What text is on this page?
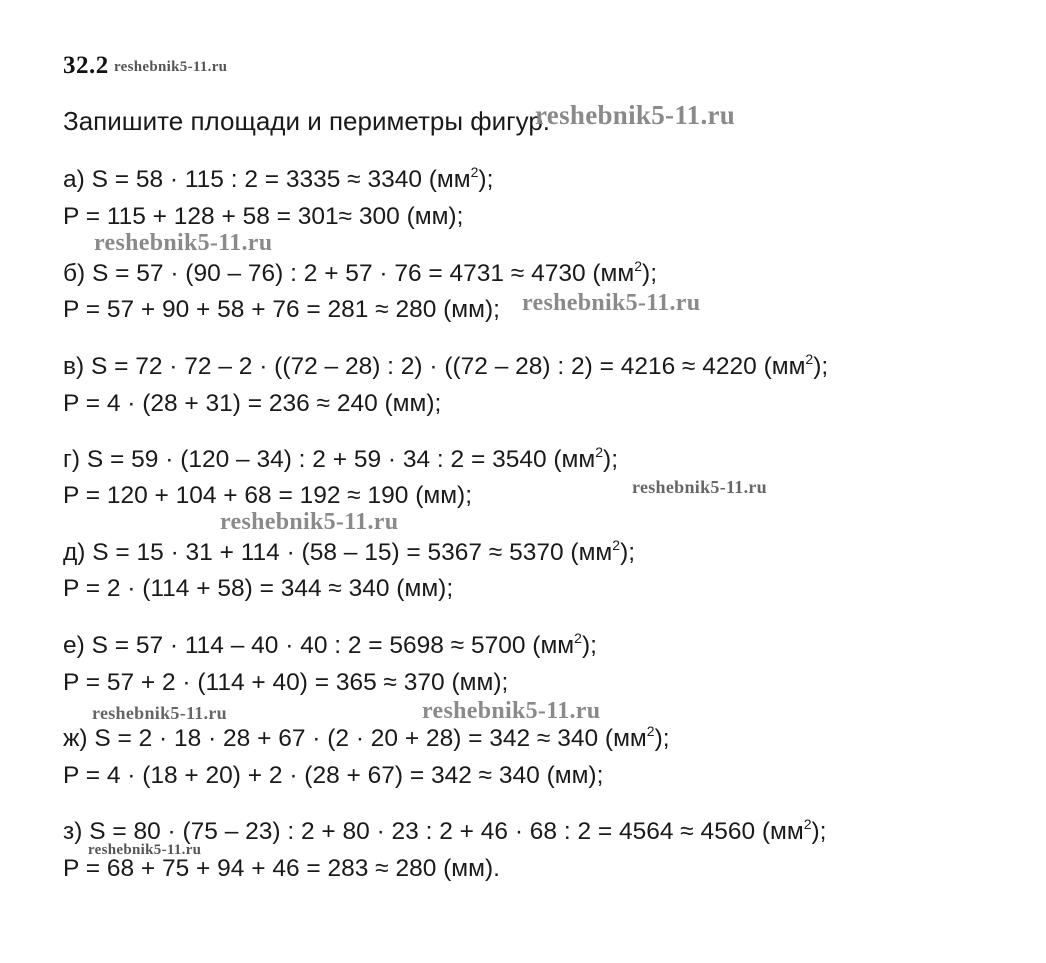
32.2 reshebnik5-11.ru
Запишите площади и периметры фигур.
reshebnik5-11.ru
а) S = 58 · 115 : 2 = 3335 ≈ 3340 $(мм^2)$;
P = 115 + 128 + 58 = 301≈ 300 (мм);
reshebnik5-11.ru
б) S = 57 · (90 – 76) : 2 + 57 · 76 = 4731 ≈ 4730 $(мм^2)$;
P = 57 + 90 + 58 + 76 = 281 ≈ 280 (мм); reshebnik5-11.ru
в) S = 72 · 72 – 2 · ((72 – 28) : 2) · ((72 – 28) : 2) = 4216 ≈ 4220 $(мм^2)$;
P = 4 · (28 + 31) = 236 ≈ 240 (мм);
г) S = 59 · (120 – 34) : 2 + 59 · 34 : 2 = 3540 $(мм^2)$;
P = 120 + 104 + 68 = 192 ≈ 190 (мм);	reshebnik5-11.ru
reshebnik5-11.ru
д) S = 15 · 31 + 114 · (58 – 15) = 5367 ≈ 5370 $(мм^2)$;
P = 2 · (114 + 58) = 344 ≈ 340 (мм);
е) S = 57 · 114 – 40 · 40 : 2 = 5698 ≈ 5700 $(мм^2)$;
P = 57 + 2 · (114 + 40) = 365 ≈ 370 (мм);
reshebnik5-11.ru	reshebnik5-11.ru
ж) S = 2 · 18 · 28 + 67 · (2 · 20 + 28) = 342 ≈ 340 $(мм^2)$;
P = 4 · (18 + 20) + 2 · (28 + 67) = 342 ≈ 340 (мм);
з) S = 80 · (75 – 23) : 2 + 80 · 23 : 2 + 46 · 68 : 2 = 4564 ≈ 4560 $(мм^2)$;
reshebnik5-11.ru
P = 68 + 75 + 94 + 46 = 283 ≈ 280 (мм).
